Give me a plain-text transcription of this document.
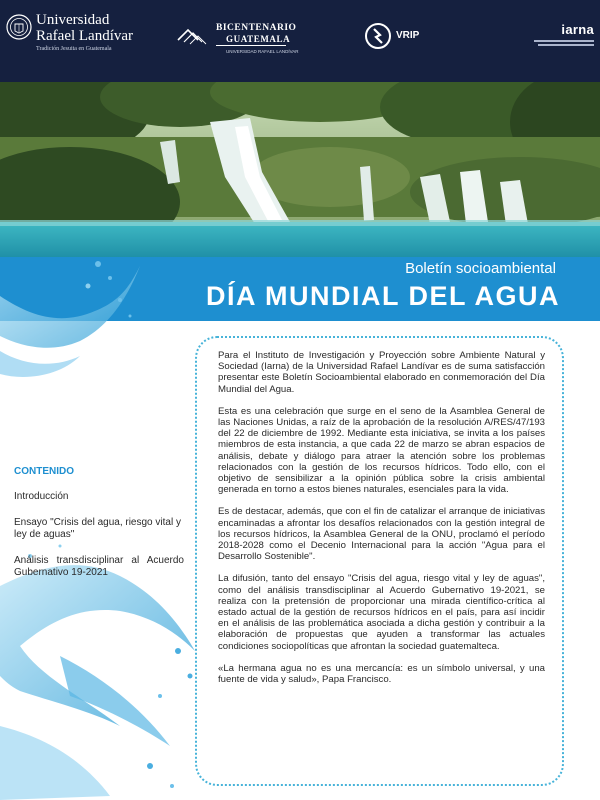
Universidad
Rafael Landívar
Tradición Jesuita en Guatemala
BICENTENARIO
GUATEMALA
UNIVERSIDAD RAFAEL LANDÍVAR
VRIP	iarna
Boletín socioambiental
DÍA MUNDIAL DEL AGUA
CONTENIDO
Introducción
Ensayo "Crisis del agua, riesgo vital y ley de aguas"
Análisis transdisciplinar al Acuerdo Gubernativo 19-2021

Para el Instituto de Investigación y Proyección sobre Ambiente Natural y Sociedad (Iarna) de la Universidad Rafael Landívar es de suma satisfacción presentar este Boletín Socioambiental elaborado en conmemoración del Día Mundial del Agua.

Esta es una celebración que surge en el seno de la Asamblea General de las Naciones Unidas, a raíz de la aprobación de la resolución A/RES/47/193 del 22 de diciembre de 1992. Mediante esta iniciativa, se invita a los países miembros de esta instancia, a que cada 22 de marzo se abran espacios de análisis, debate y diálogo para atraer la atención sobre los problemas relacionados con la gestión de los recursos hídricos. Todo ello, con el objetivo de sensibilizar a la opinión pública sobre la crisis ambiental generada en torno a estos bienes naturales, esenciales para la vida.

Es de destacar, además, que con el fin de catalizar el arranque de iniciativas encaminadas a afrontar los desafíos relacionados con la gestión integral de los recursos hídricos, la Asamblea General de la ONU, proclamó el período 2018-2028 como el Decenio Internacional para la acción "Agua para el Desarrollo Sostenible".

La difusión, tanto del ensayo "Crisis del agua, riesgo vital y ley de aguas", como del análisis transdisciplinar al Acuerdo Gubernativo 19-2021, se realiza con la pretensión de proporcionar una mirada científico-crítica al estado actual de la gestión de recursos hídricos en el país, para así incidir en el análisis de las problemática asociada a dicha gestión y contribuir a la elaboración de propuestas que ayuden a transformar las actuales condiciones sociopolíticas que afrontan la sociedad guatemalteca.

«La hermana agua no es una mercancía: es un símbolo universal, y una fuente de vida y salud», Papa Francisco.
